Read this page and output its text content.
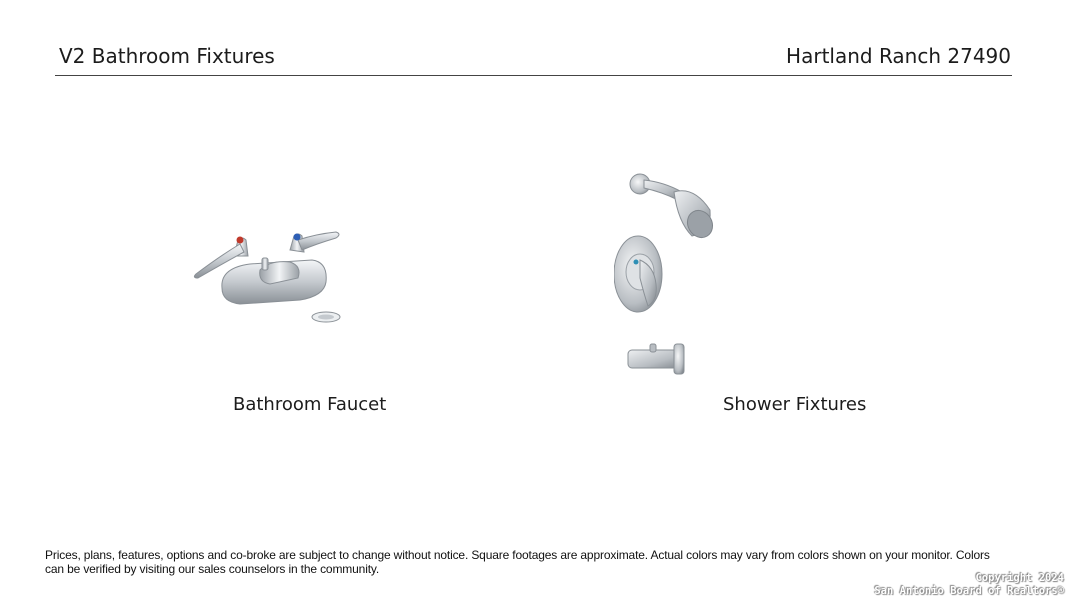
V2 Bathroom Fixtures	Hartland Ranch 27490
Bathroom Faucet	Shower Fixtures
Prices, plans, features, options and co-broke are subject to change without notice. Square footages are approximate. Actual colors may vary from colors shown on your monitor. Colors can be verified by visiting our sales counselors in the community.
Copyright 2024
San Antonio Board of Realtors®
